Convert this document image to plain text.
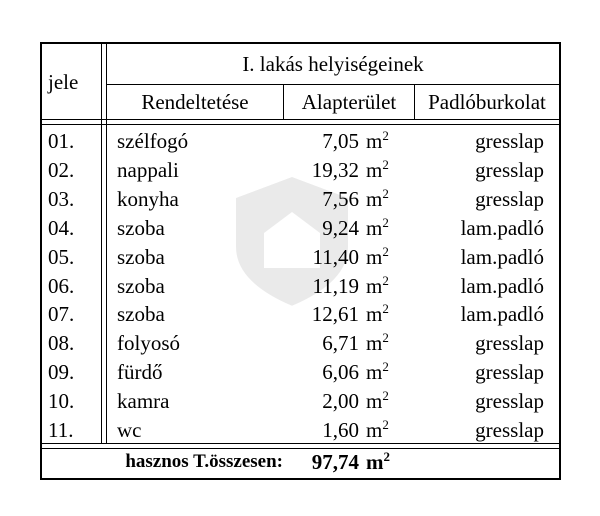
jele
I. lakás helyiségeinek
Rendeltetése	Alapterület	Padlóburkolat
01.	szélfogó	7,05 $m^2$	gresslap
02.	nappali	19,32 $m^2$	gresslap
03.	konyha	7,56 $m^2$	gresslap
04.	szoba	9,24 $m^2$	lam.padló
05.	szoba	11,40 $m^2$	lam.padló
06.	szoba	11,19 $m^2$	lam.padló
07.	szoba	12,61 $m^2$	lam.padló
08.	folyosó	6,71 $m^2$	gresslap
09.	fürdő	6,06 $m^2$	gresslap
10.	kamra	2,00 $m^2$	gresslap
11.	wc	1,60 $m^2$	gresslap
hasznos T.összesen:	97,74 $m^2$
